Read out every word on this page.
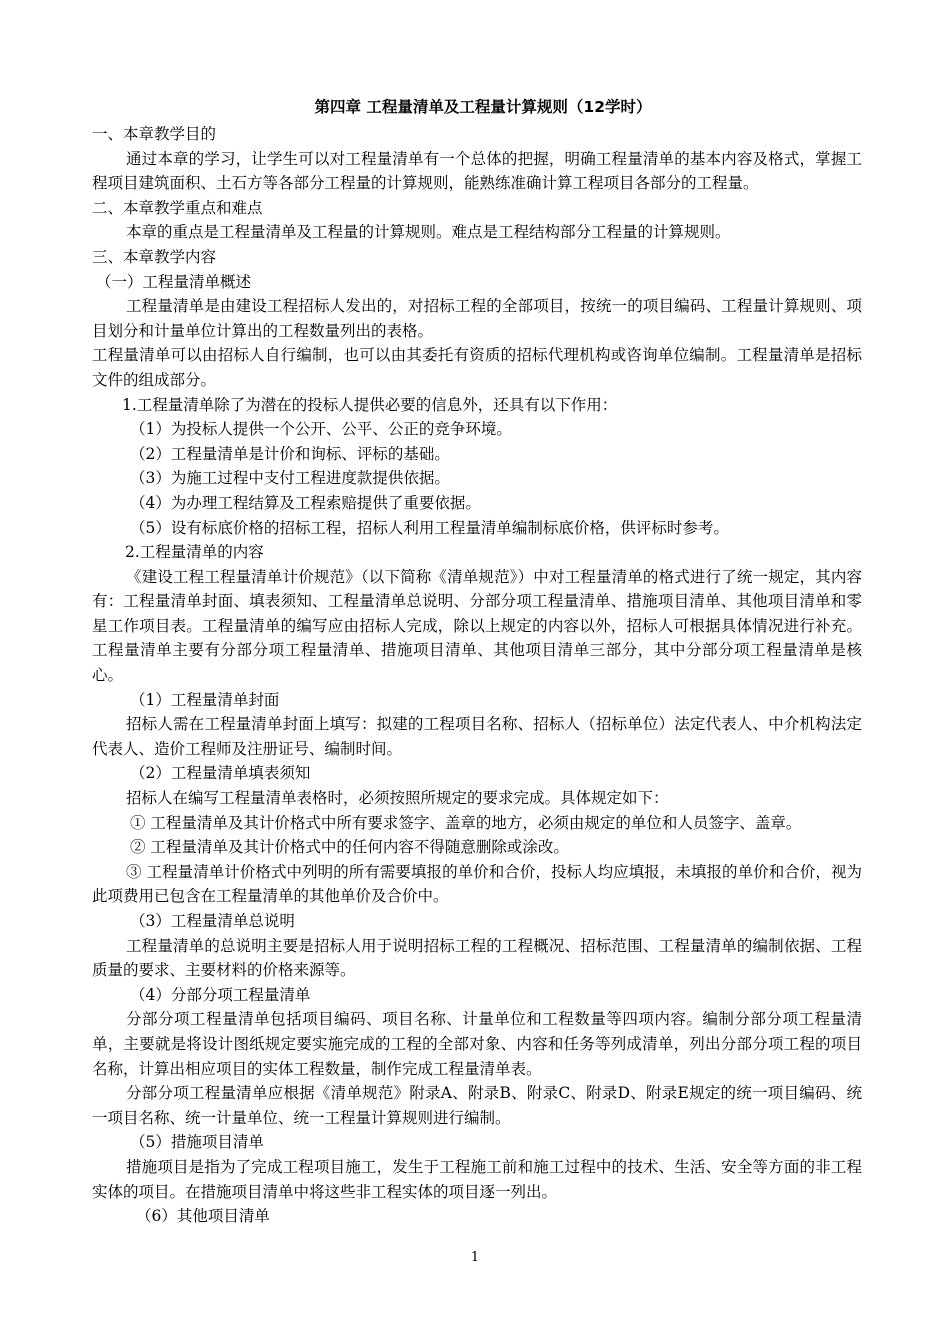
第四章 工程量清单及工程量计算规则（12学时）

一、本章教学目的

通过本章的学习，让学生可以对工程量清单有一个总体的把握，明确工程量清单的基本内容及格式，掌握工程项目建筑面积、土石方等各部分工程量的计算规则，能熟练准确计算工程项目各部分的工程量。

二、本章教学重点和难点

本章的重点是工程量清单及工程量的计算规则。难点是工程结构部分工程量的计算规则。

三、本章教学内容

（一）工程量清单概述

工程量清单是由建设工程招标人发出的，对招标工程的全部项目，按统一的项目编码、工程量计算规则、项目划分和计量单位计算出的工程数量列出的表格。

工程量清单可以由招标人自行编制，也可以由其委托有资质的招标代理机构或咨询单位编制。工程量清单是招标文件的组成部分。

1.工程量清单除了为潜在的投标人提供必要的信息外，还具有以下作用：

（1）为投标人提供一个公开、公平、公正的竞争环境。

（2）工程量清单是计价和询标、评标的基础。

（3）为施工过程中支付工程进度款提供依据。

（4）为办理工程结算及工程索赔提供了重要依据。

（5）设有标底价格的招标工程，招标人利用工程量清单编制标底价格，供评标时参考。

2.工程量清单的内容

《建设工程工程量清单计价规范》（以下简称《清单规范》）中对工程量清单的格式进行了统一规定，其内容有：工程量清单封面、填表须知、工程量清单总说明、分部分项工程量清单、措施项目清单、其他项目清单和零星工作项目表。工程量清单的编写应由招标人完成，除以上规定的内容以外，招标人可根据具体情况进行补充。工程量清单主要有分部分项工程量清单、措施项目清单、其他项目清单三部分，其中分部分项工程量清单是核心。

（1）工程量清单封面

招标人需在工程量清单封面上填写：拟建的工程项目名称、招标人（招标单位）法定代表人、中介机构法定代表人、造价工程师及注册证号、编制时间。

（2）工程量清单填表须知

招标人在编写工程量清单表格时，必须按照所规定的要求完成。具体规定如下：

① 工程量清单及其计价格式中所有要求签字、盖章的地方，必须由规定的单位和人员签字、盖章。

② 工程量清单及其计价格式中的任何内容不得随意删除或涂改。

③ 工程量清单计价格式中列明的所有需要填报的单价和合价，投标人均应填报，未填报的单价和合价，视为此项费用已包含在工程量清单的其他单价及合价中。

（3）工程量清单总说明

工程量清单的总说明主要是招标人用于说明招标工程的工程概况、招标范围、工程量清单的编制依据、工程质量的要求、主要材料的价格来源等。

（4）分部分项工程量清单

分部分项工程量清单包括项目编码、项目名称、计量单位和工程数量等四项内容。编制分部分项工程量清单，主要就是将设计图纸规定要实施完成的工程的全部对象、内容和任务等列成清单，列出分部分项工程的项目名称，计算出相应项目的实体工程数量，制作完成工程量清单表。

分部分项工程量清单应根据《清单规范》附录A、附录B、附录C、附录D、附录E规定的统一项目编码、统一项目名称、统一计量单位、统一工程量计算规则进行编制。

（5）措施项目清单

措施项目是指为了完成工程项目施工，发生于工程施工前和施工过程中的技术、生活、安全等方面的非工程实体的项目。在措施项目清单中将这些非工程实体的项目逐一列出。

（6）其他项目清单

1
